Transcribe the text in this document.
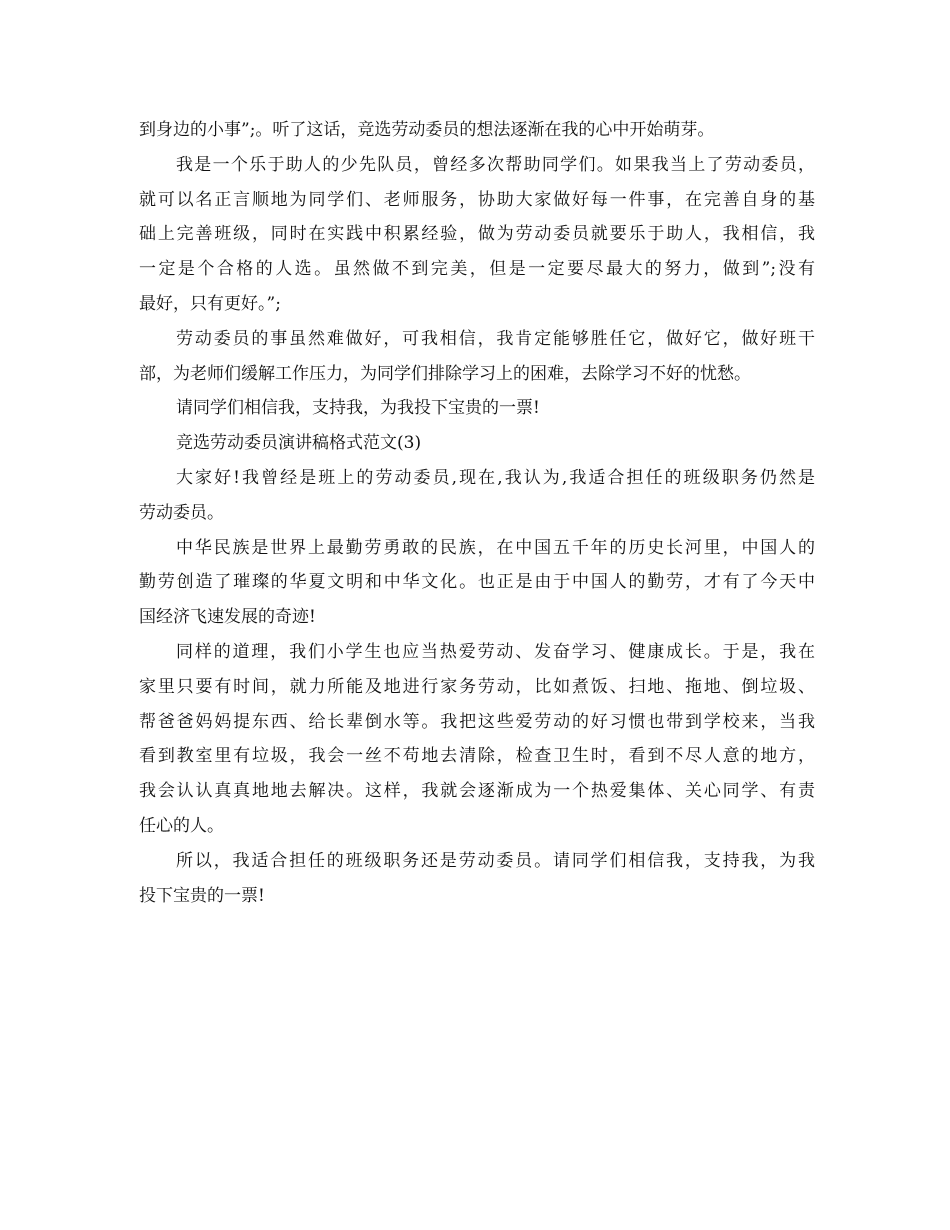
到身边的小事”;。听了这话，竞选劳动委员的想法逐渐在我的心中开始萌芽。
我是一个乐于助人的少先队员，曾经多次帮助同学们。如果我当上了劳动委员，
就可以名正言顺地为同学们、老师服务，协助大家做好每一件事，在完善自身的基
础上完善班级，同时在实践中积累经验，做为劳动委员就要乐于助人，我相信，我
一定是个合格的人选。虽然做不到完美，但是一定要尽最大的努力，做到”;没有
最好，只有更好。”;
劳动委员的事虽然难做好，可我相信，我肯定能够胜任它，做好它，做好班干
部，为老师们缓解工作压力，为同学们排除学习上的困难，去除学习不好的忧愁。
请同学们相信我，支持我，为我投下宝贵的一票!
竞选劳动委员演讲稿格式范文(3)
大家好!我曾经是班上的劳动委员,现在,我认为,我适合担任的班级职务仍然是
劳动委员。
中华民族是世界上最勤劳勇敢的民族，在中国五千年的历史长河里，中国人的
勤劳创造了璀璨的华夏文明和中华文化。也正是由于中国人的勤劳，才有了今天中
国经济飞速发展的奇迹!
同样的道理，我们小学生也应当热爱劳动、发奋学习、健康成长。于是，我在
家里只要有时间，就力所能及地进行家务劳动，比如煮饭、扫地、拖地、倒垃圾、
帮爸爸妈妈提东西、给长辈倒水等。我把这些爱劳动的好习惯也带到学校来，当我
看到教室里有垃圾，我会一丝不苟地去清除，检查卫生时，看到不尽人意的地方，
我会认认真真地地去解决。这样，我就会逐渐成为一个热爱集体、关心同学、有责
任心的人。
所以，我适合担任的班级职务还是劳动委员。请同学们相信我，支持我，为我
投下宝贵的一票!
